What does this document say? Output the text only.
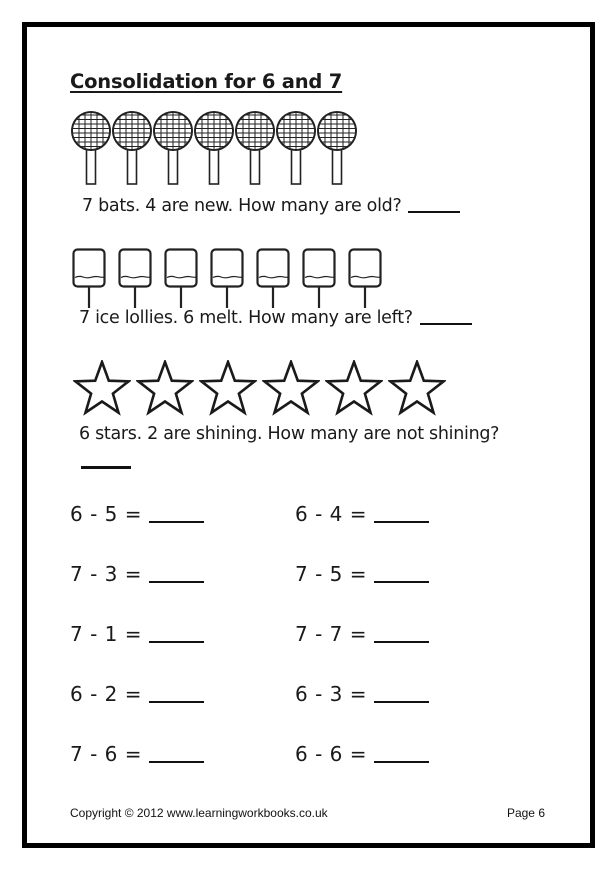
Consolidation for 6 and 7
7 bats. 4 are new. How many are old?
7 ice lollies. 6 melt. How many are left?
6 stars. 2 are shining. How many are not shining?
6 - 5 =	6 - 4 =
7 - 3 =	7 - 5 =
7 - 1 =	7 - 7 =
6 - 2 =	6 - 3 =
7 - 6 =	6 - 6 =
Copyright © 2012 www.learningworkbooks.co.uk	Page 6
